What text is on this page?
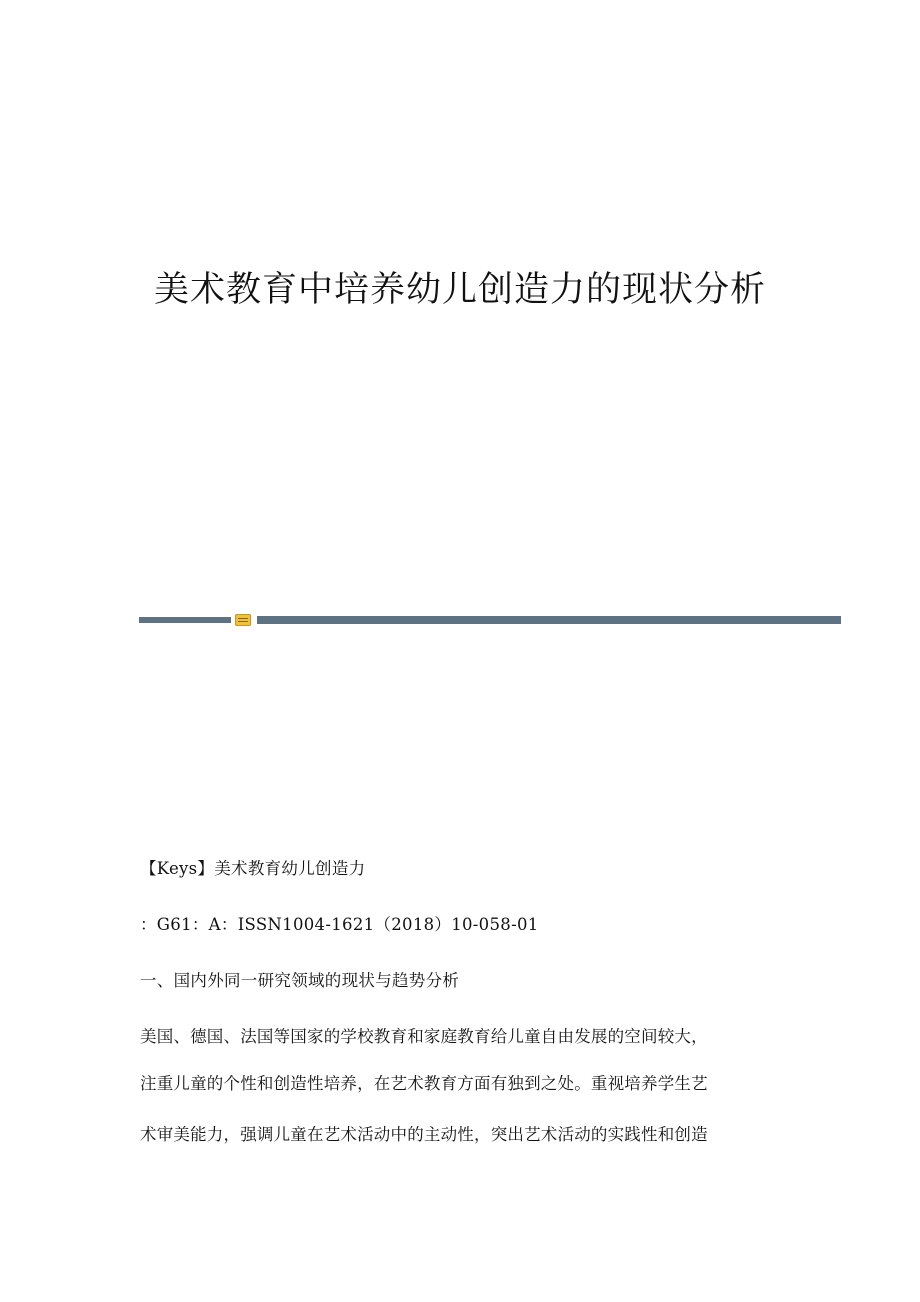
美术教育中培养幼儿创造力的现状分析

【Keys】美术教育幼儿创造力

：G61：A：ISSN1004-1621（2018）10-058-01

一、国内外同一研究领域的现状与趋势分析

美国、德国、法国等国家的学校教育和家庭教育给儿童自由发展的空间较大，

注重儿童的个性和创造性培养，在艺术教育方面有独到之处。重视培养学生艺

术审美能力，强调儿童在艺术活动中的主动性，突出艺术活动的实践性和创造
